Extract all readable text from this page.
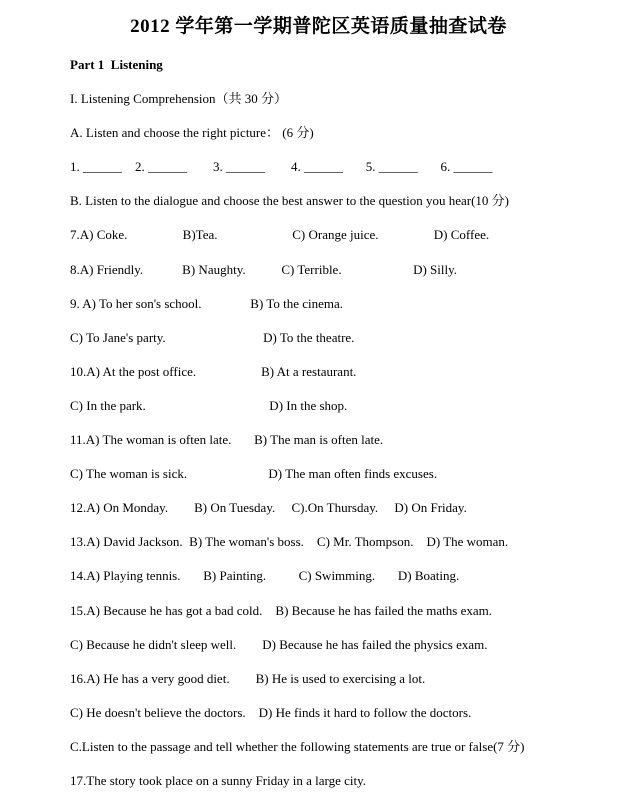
2012 学年第一学期普陀区英语质量抽查试卷
Part 1  Listening
I. Listening Comprehension（共 30 分）
A. Listen and choose the right picture： (6 分)
1. ______    2. ______        3. ______        4. ______       5. ______       6. ______
B. Listen to the dialogue and choose the best answer to the question you hear(10 分)
7.A) Coke.                 B)Tea.                       C) Orange juice.                 D) Coffee.
8.A) Friendly.            B) Naughty.           C) Terrible.                      D) Silly.
9. A) To her son's school.               B) To the cinema.
C) To Jane's party.                              D) To the theatre.
10.A) At the post office.                    B) At a restaurant.
C) In the park.                                      D) In the shop.
11.A) The woman is often late.       B) The man is often late.
C) The woman is sick.                         D) The man often finds excuses.
12.A) On Monday.        B) On Tuesday.     C).On Thursday.     D) On Friday.
13.A) David Jackson.  B) The woman's boss.    C) Mr. Thompson.    D) The woman.
14.A) Playing tennis.       B) Painting.          C) Swimming.       D) Boating.
15.A) Because he has got a bad cold.    B) Because he has failed the maths exam.
C) Because he didn't sleep well.        D) Because he has failed the physics exam.
16.A) He has a very good diet.        B) He is used to exercising a lot.
C) He doesn't believe the doctors.    D) He finds it hard to follow the doctors.
C.Listen to the passage and tell whether the following statements are true or false(7 分)
17.The story took place on a sunny Friday in a large city.
